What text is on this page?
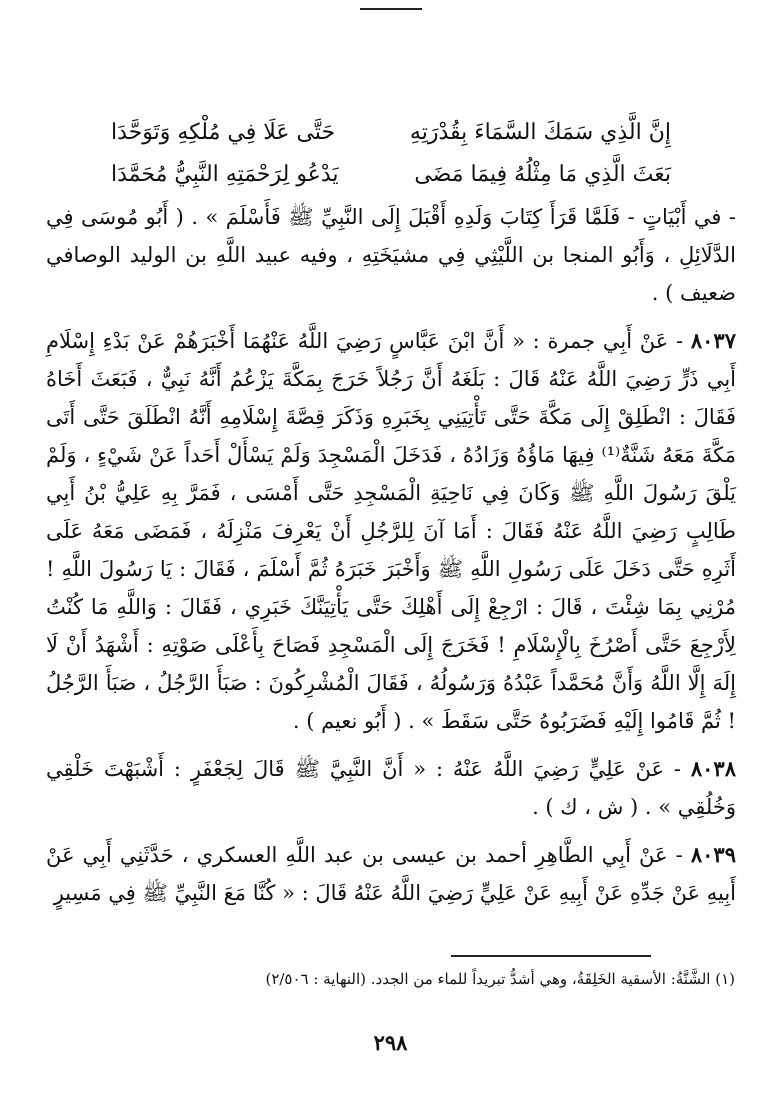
إِنَّ الَّذِي سَمَكَ السَّمَاءَ بِقُدْرَتِهِ
حَتَّى عَلَا فِي مُلْكِهِ وَتَوَحَّدَا
بَعَثَ الَّذِي مَا مِثْلُهُ فِيمَا مَضَى
يَدْعُو لِرَحْمَتِهِ النَّبِيُّ مُحَمَّدَا

- في أَبْيَاتٍ - فَلَمَّا قَرَأَ كِتَابَ وَلَدِهِ أَقْبَلَ إِلَى النَّبِيِّ ﷺ فَأَسْلَمَ » . ( أَبُو مُوسَى فِي الدَّلَائِلِ ، وَأَبُو المنجا بن اللَّيْثِي فِي مشيَخَتِهِ ، وفيه عبيد اللَّهِ بن الوليد الوصافي ضعيف ) .

٨٠٣٧ - عَنْ أَبِي جمرة : « أَنَّ ابْنَ عَبَّاسٍ رَضِيَ اللَّهُ عَنْهُمَا أَخْبَرَهُمْ عَنْ بَدْءِ إِسْلَامِ أَبِي ذَرٍّ رَضِيَ اللَّهُ عَنْهُ قَالَ : بَلَغَهُ أَنَّ رَجُلاً خَرَجَ بِمَكَّةَ يَزْعُمُ أَنَّهُ نَبِيٌّ ، فَبَعَثَ أَخَاهُ فَقَالَ : انْطَلِقْ إِلَى مَكَّةَ حَتَّى تَأْتِيَنِي بِخَبَرِهِ وَذَكَرَ قِصَّةَ إِسْلَامِهِ أَنَّهُ انْطَلَقَ حَتَّى أَتَى مَكَّةَ مَعَهُ شَنَّةٌ⁽¹⁾ فِيهَا مَاؤُهُ وَزَادُهُ ، فَدَخَلَ الْمَسْجِدَ وَلَمْ يَسْأَلْ أَحَداً عَنْ شَيْءٍ ، وَلَمْ يَلْقَ رَسُولَ اللَّهِ ﷺ وَكَانَ فِي نَاحِيَةِ الْمَسْجِدِ حَتَّى أَمْسَى ، فَمَرَّ بِهِ عَلِيُّ بْنُ أَبِي طَالِبٍ رَضِيَ اللَّهُ عَنْهُ فَقَالَ : أَمَا آنَ لِلرَّجُلِ أَنْ يَعْرِفَ مَنْزِلَهُ ، فَمَضَى مَعَهُ عَلَى أَثَرِهِ حَتَّى دَخَلَ عَلَى رَسُولِ اللَّهِ ﷺ وَأَخْبَرَ خَبَرَهُ ثُمَّ أَسْلَمَ ، فَقَالَ : يَا رَسُولَ اللَّهِ ! مُرْنِي بِمَا شِئْتَ ، قَالَ : ارْجِعْ إِلَى أَهْلِكَ حَتَّى يَأْتِيَنَّكَ خَبَرِي ، فَقَالَ : وَاللَّهِ مَا كُنْتُ لِأَرْجِعَ حَتَّى أَصْرُخَ بِالْإِسْلَامِ ! فَخَرَجَ إِلَى الْمَسْجِدِ فَصَاحَ بِأَعْلَى صَوْتِهِ : أَشْهَدُ أَنْ لَا إِلَهَ إِلَّا اللَّهُ وَأَنَّ مُحَمَّداً عَبْدُهُ وَرَسُولُهُ ، فَقَالَ الْمُشْرِكُونَ : صَبَأَ الرَّجُلُ ، صَبَأَ الرَّجُلُ ! ثُمَّ قَامُوا إِلَيْهِ فَضَرَبُوهُ حَتَّى سَقَطَ » . ( أَبُو نعيم ) .

٨٠٣٨ - عَنْ عَلِيٍّ رَضِيَ اللَّهُ عَنْهُ : « أَنَّ النَّبِيَّ ﷺ قَالَ لِجَعْفَرٍ : أَشْبَهْتَ خَلْقِي وَخُلُقِي » . ( ش ، ك ) .

٨٠٣٩ - عَنْ أَبِي الطَّاهِرِ أحمد بن عيسى بن عبد اللَّهِ العسكري ، حَدَّثَنِي أَبِي عَنْ أَبِيهِ عَنْ جَدِّهِ عَنْ أَبِيهِ عَنْ عَلِيٍّ رَضِيَ اللَّهُ عَنْهُ قَالَ : « كُنَّا مَعَ النَّبِيِّ ﷺ فِي مَسِيرٍ

(١) الشَّنَّةُ: الأسقية الخَلِقَةُ، وهي أشدُّ تبريداً للماء من الجدد. (النهاية : ٢/٥٠٦)
٢٩٨
